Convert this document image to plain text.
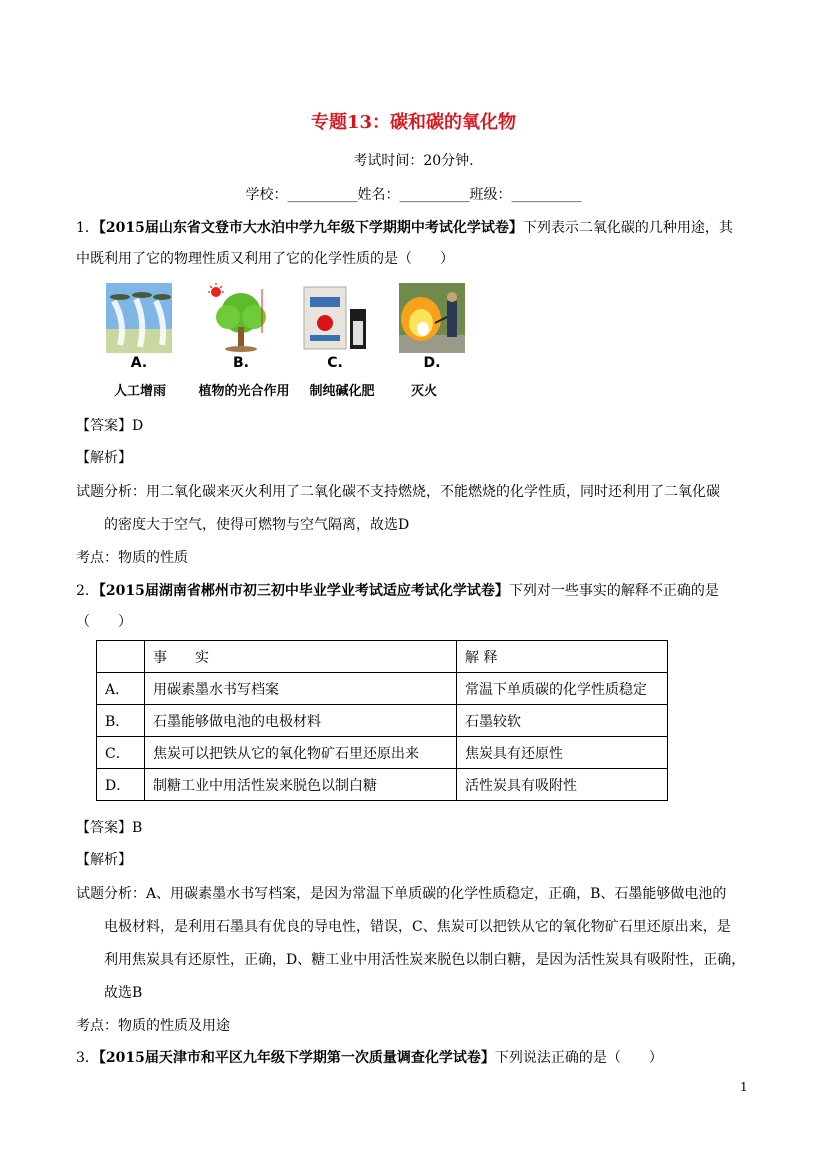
专题13：碳和碳的氧化物
考试时间：20分钟.
学校：__________姓名：__________班级：__________
1．【2015届山东省文登市大水泊中学九年级下学期期中考试化学试卷】下列表示二氧化碳的几种用途，其
中既利用了它的物理性质又利用了它的化学性质的是（　　）
A.	B.	C.	D.
人工增雨	植物的光合作用	制纯碱化肥	灭火
【答案】D
【解析】
试题分析：用二氧化碳来灭火利用了二氧化碳不支持燃烧，不能燃烧的化学性质，同时还利用了二氧化碳
的密度大于空气，使得可燃物与空气隔离，故选D
考点：物质的性质
2．【2015届湖南省郴州市初三初中毕业学业考试适应考试化学试卷】下列对一些事实的解释不正确的是
（　　）
	事　　实	解 释
A．	用碳素墨水书写档案	常温下单质碳的化学性质稳定
B．	石墨能够做电池的电极材料	石墨较软
C．	焦炭可以把铁从它的氧化物矿石里还原出来	焦炭具有还原性
D．	制糖工业中用活性炭来脱色以制白糖	活性炭具有吸附性
【答案】B
【解析】
试题分析：A、用碳素墨水书写档案，是因为常温下单质碳的化学性质稳定，正确，B、石墨能够做电池的
电极材料，是利用石墨具有优良的导电性，错误，C、焦炭可以把铁从它的氧化物矿石里还原出来，是
利用焦炭具有还原性，正确，D、糖工业中用活性炭来脱色以制白糖，是因为活性炭具有吸附性，正确，
故选B
考点：物质的性质及用途
3．【2015届天津市和平区九年级下学期第一次质量调查化学试卷】下列说法正确的是（　　）
1
